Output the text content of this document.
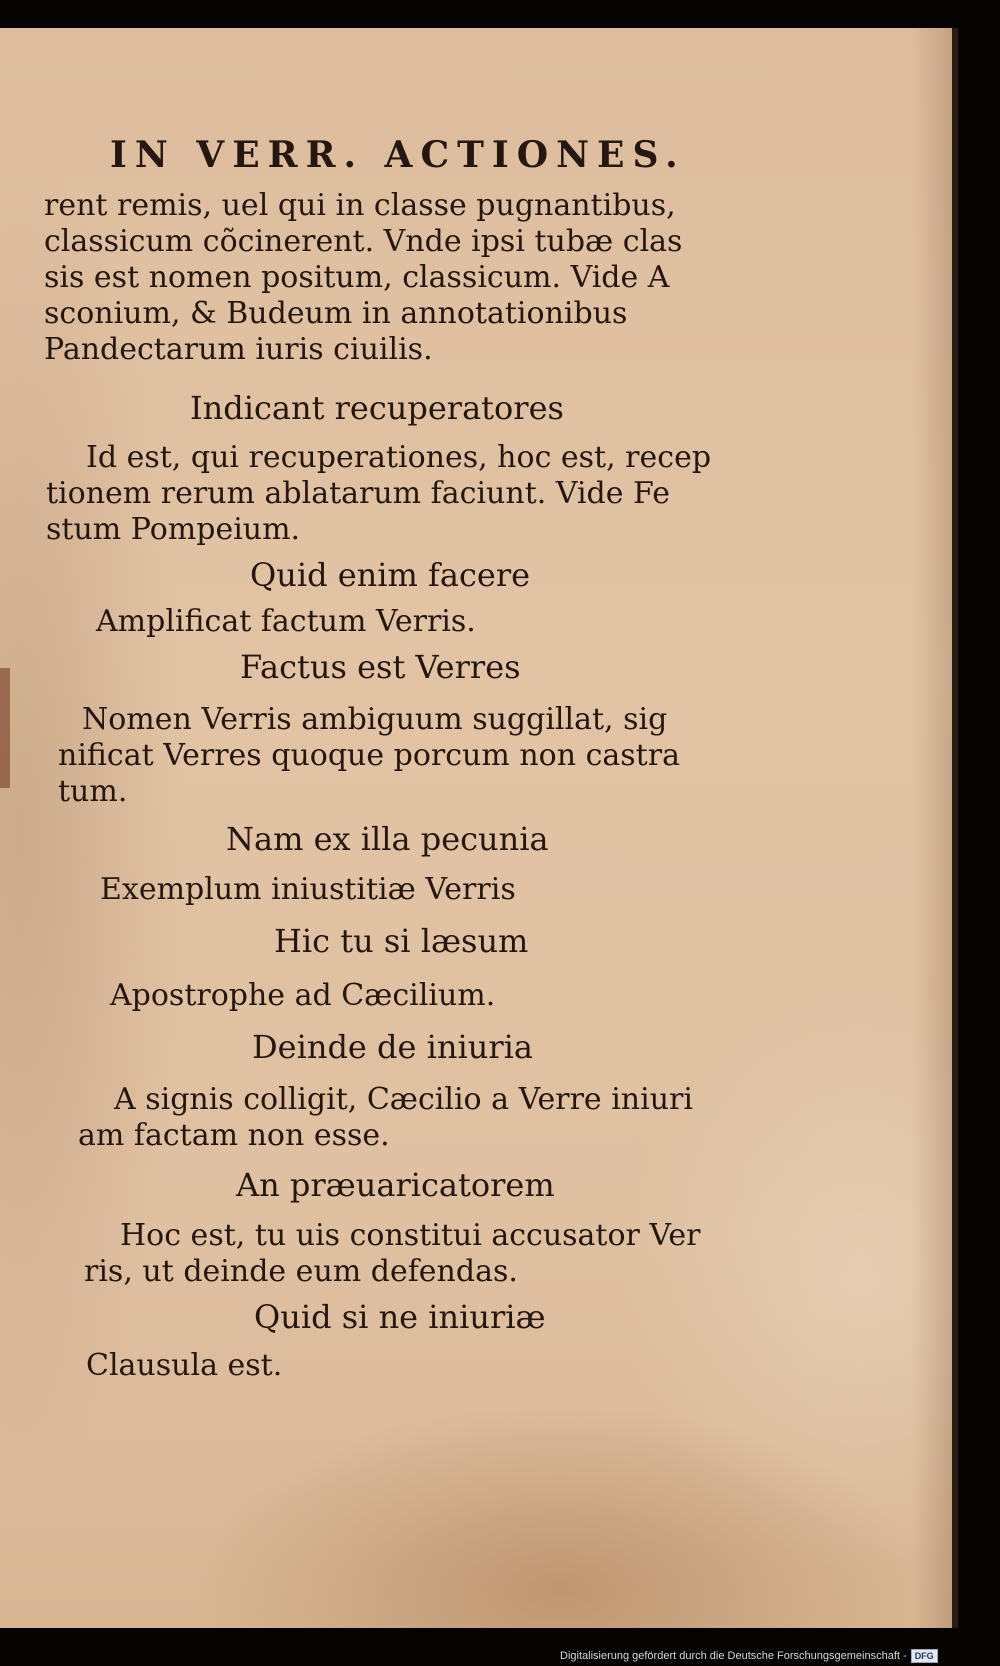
IN VERR. ACTIONES.
rent remis, uel qui in classe pugnantibus,
classicum cõcinerent. Vnde ipsi tubæ clas
sis est nomen positum, classicum. Vide A
sconium, & Budeum in annotationibus
Pandectarum iuris ciuilis.
Indicant recuperatores
Id est, qui recuperationes, hoc est, recep
tionem rerum ablatarum faciunt. Vide Fe
stum Pompeium.
Quid enim facere
Amplificat factum Verris.
Factus est Verres
Nomen Verris ambiguum suggillat, sig
nificat Verres quoque porcum non castra
tum.
Nam ex illa pecunia
Exemplum iniustitiæ Verris
Hic tu si læsum
Apostrophe ad Cæcilium.
Deinde de iniuria
A signis colligit, Cæcilio a Verre iniuri
am factam non esse.
An præuaricatorem
Hoc est, tu uis constitui accusator Ver
ris, ut deinde eum defendas.
Quid si ne iniuriæ
Clausula est.
Digitalisierung gefördert durch die Deutsche Forschungsgemeinschaft - DFG
